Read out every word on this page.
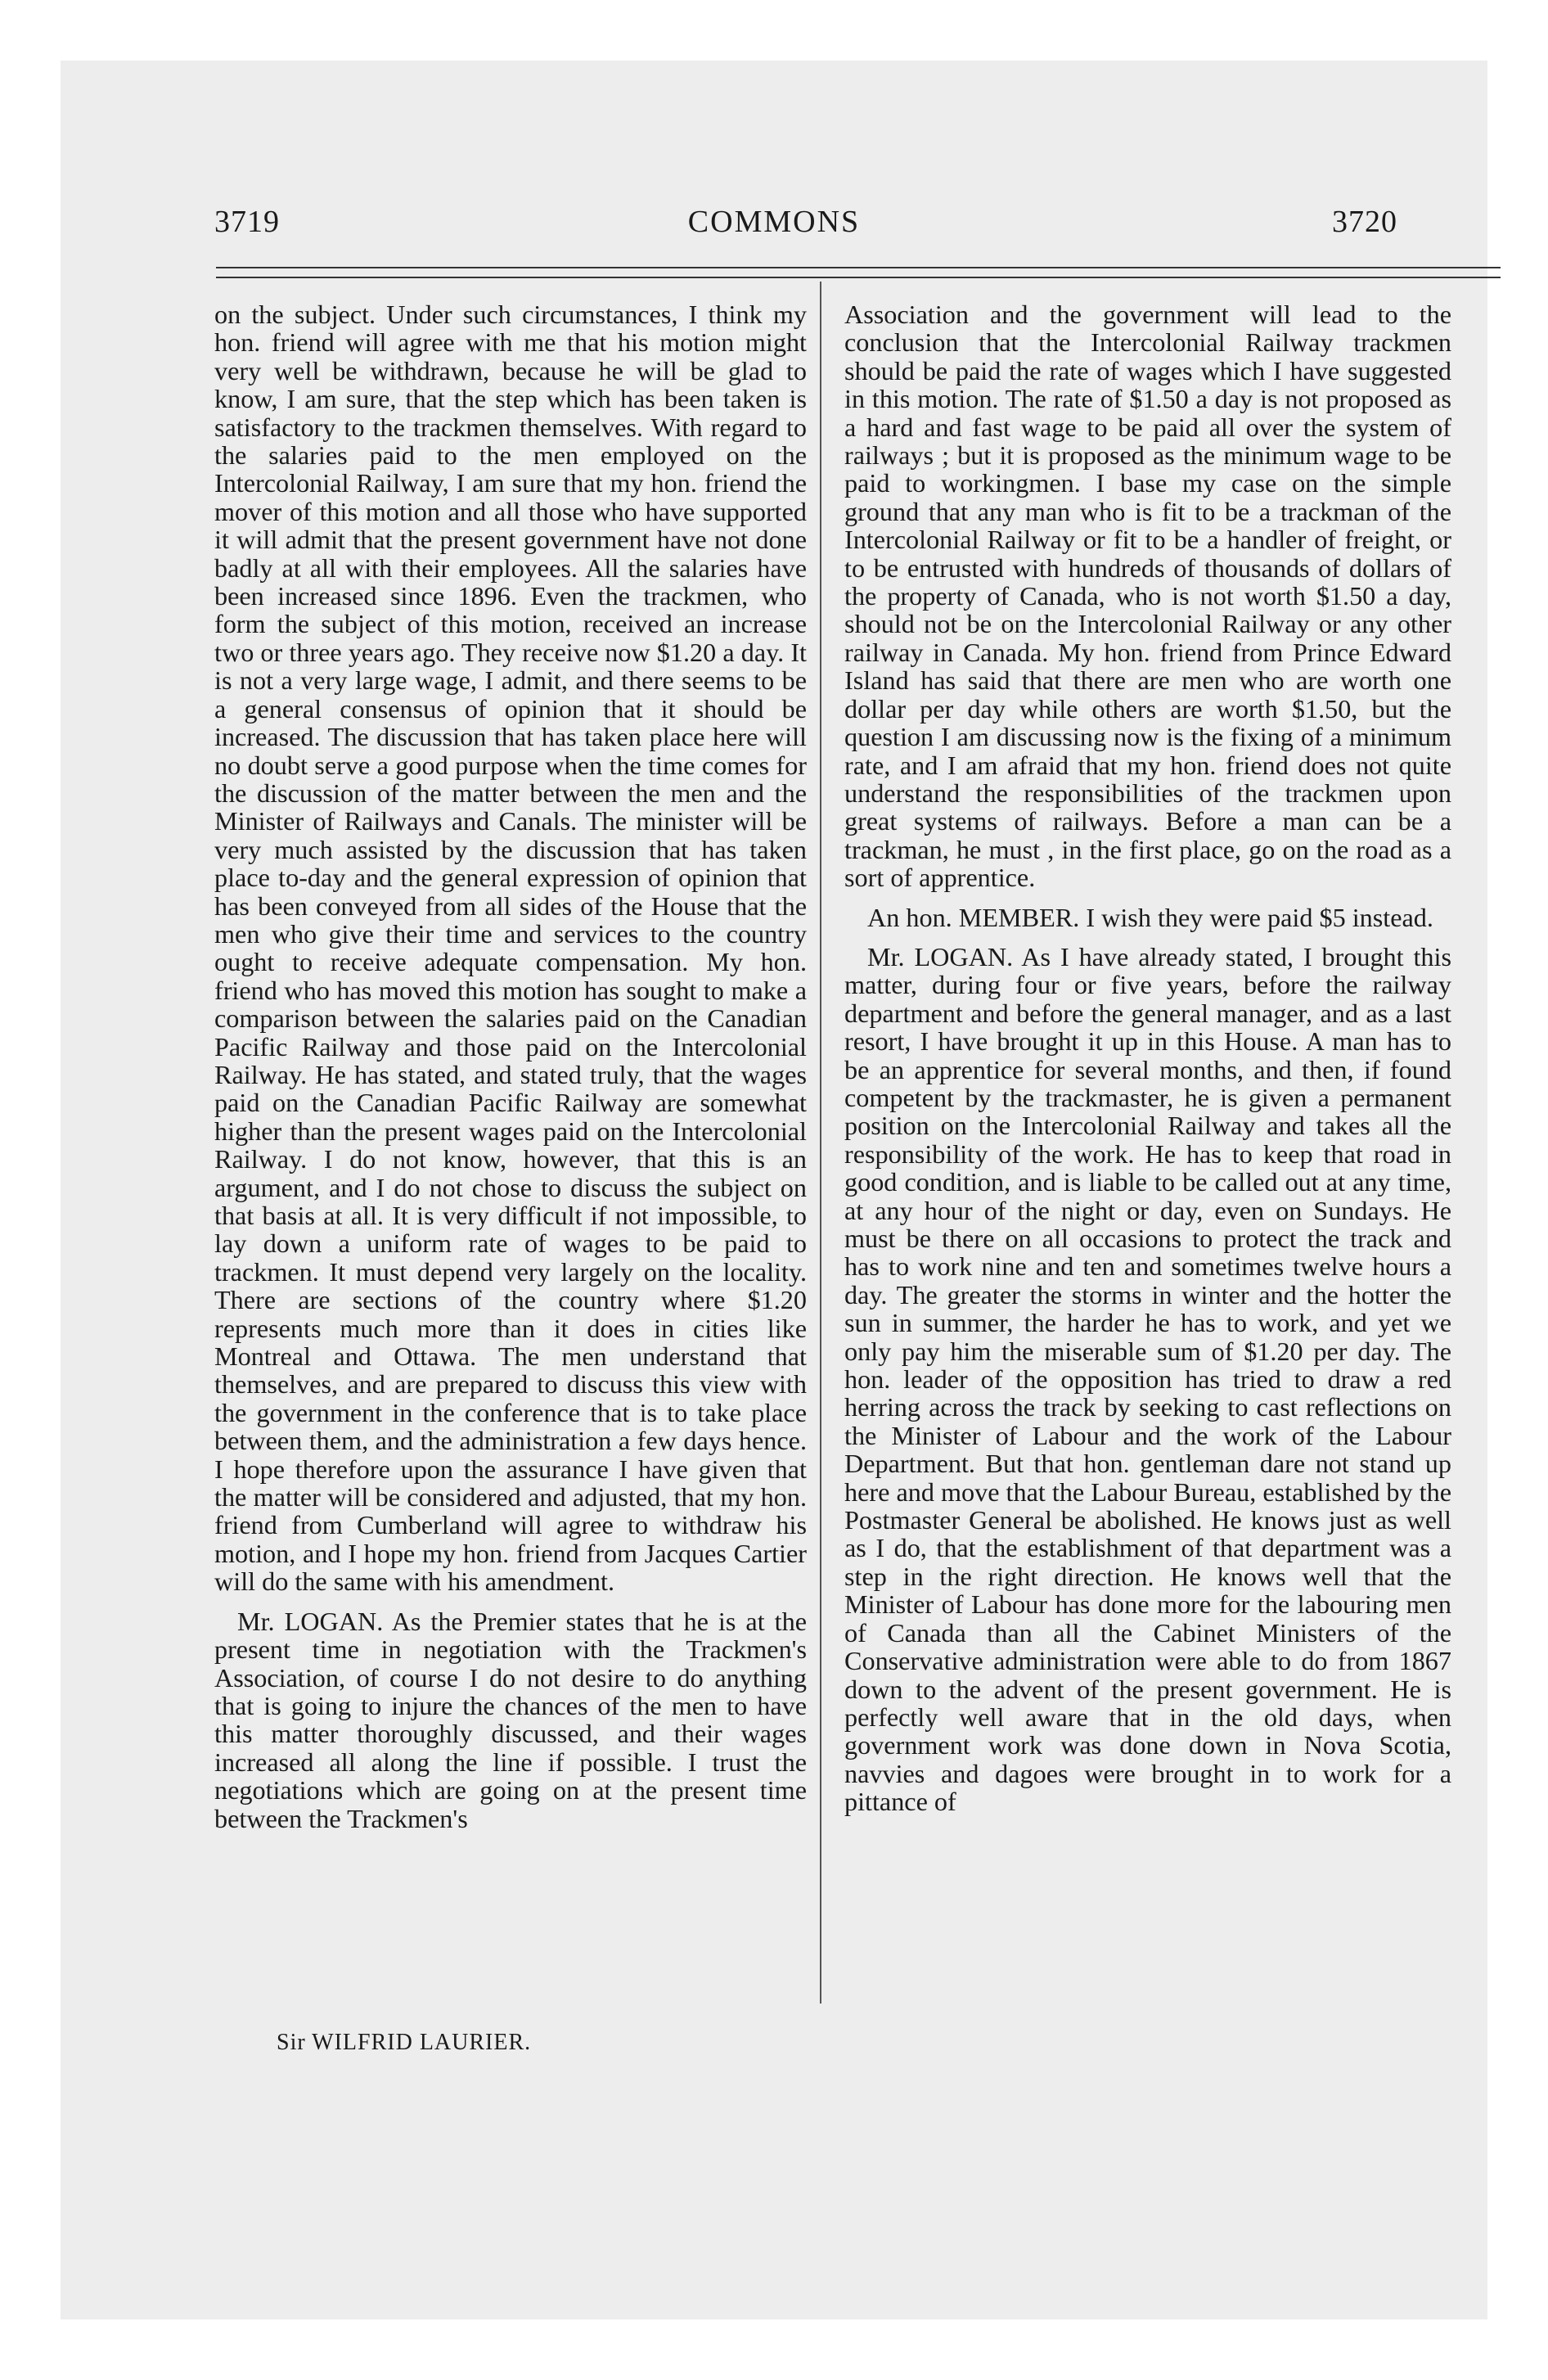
3719	COMMONS	3720

on the subject. Under such circumstances, I think my hon. friend will agree with me that his motion might very well be withdrawn, because he will be glad to know, I am sure, that the step which has been taken is satisfactory to the trackmen themselves. With regard to the salaries paid to the men employed on the Intercolonial Railway, I am sure that my hon. friend the mover of this motion and all those who have supported it will admit that the present government have not done badly at all with their employees. All the salaries have been increased since 1896. Even the trackmen, who form the subject of this motion, received an increase two or three years ago. They receive now $1.20 a day. It is not a very large wage, I admit, and there seems to be a general consensus of opinion that it should be increased. The discussion that has taken place here will no doubt serve a good purpose when the time comes for the discussion of the matter between the men and the Minister of Railways and Canals. The minister will be very much assisted by the discussion that has taken place to-day and the general expression of opinion that has been conveyed from all sides of the House that the men who give their time and services to the country ought to receive adequate compensation. My hon. friend who has moved this motion has sought to make a comparison between the salaries paid on the Canadian Pacific Railway and those paid on the Intercolonial Railway. He has stated, and stated truly, that the wages paid on the Canadian Pacific Railway are somewhat higher than the present wages paid on the Intercolonial Railway. I do not know, however, that this is an argument, and I do not chose to discuss the subject on that basis at all. It is very difficult if not impossible, to lay down a uniform rate of wages to be paid to trackmen. It must depend very largely on the locality. There are sections of the country where $1.20 represents much more than it does in cities like Montreal and Ottawa. The men understand that themselves, and are prepared to discuss this view with the government in the conference that is to take place between them, and the administration a few days hence. I hope therefore upon the assurance I have given that the matter will be considered and adjusted, that my hon. friend from Cumberland will agree to withdraw his motion, and I hope my hon. friend from Jacques Cartier will do the same with his amendment.

Mr. LOGAN. As the Premier states that he is at the present time in negotiation with the Trackmen's Association, of course I do not desire to do anything that is going to injure the chances of the men to have this matter thoroughly discussed, and their wages increased all along the line if possible. I trust the negotiations which are going on at the present time between the Trackmen's

Association and the government will lead to the conclusion that the Intercolonial Railway trackmen should be paid the rate of wages which I have suggested in this motion. The rate of $1.50 a day is not proposed as a hard and fast wage to be paid all over the system of railways ; but it is proposed as the minimum wage to be paid to workingmen. I base my case on the simple ground that any man who is fit to be a trackman of the Intercolonial Railway or fit to be a handler of freight, or to be entrusted with hundreds of thousands of dollars of the property of Canada, who is not worth $1.50 a day, should not be on the Intercolonial Railway or any other railway in Canada. My hon. friend from Prince Edward Island has said that there are men who are worth one dollar per day while others are worth $1.50, but the question I am discussing now is the fixing of a minimum rate, and I am afraid that my hon. friend does not quite understand the responsibilities of the trackmen upon great systems of railways. Before a man can be a trackman, he must , in the first place, go on the road as a sort of apprentice.

An hon. MEMBER. I wish they were paid $5 instead.

Mr. LOGAN. As I have already stated, I brought this matter, during four or five years, before the railway department and before the general manager, and as a last resort, I have brought it up in this House. A man has to be an apprentice for several months, and then, if found competent by the trackmaster, he is given a permanent position on the Intercolonial Railway and takes all the responsibility of the work. He has to keep that road in good condition, and is liable to be called out at any time, at any hour of the night or day, even on Sundays. He must be there on all occasions to protect the track and has to work nine and ten and sometimes twelve hours a day. The greater the storms in winter and the hotter the sun in summer, the harder he has to work, and yet we only pay him the miserable sum of $1.20 per day. The hon. leader of the opposition has tried to draw a red herring across the track by seeking to cast reflections on the Minister of Labour and the work of the Labour Department. But that hon. gentleman dare not stand up here and move that the Labour Bureau, established by the Postmaster General be abolished. He knows just as well as I do, that the establishment of that department was a step in the right direction. He knows well that the Minister of Labour has done more for the labouring men of Canada than all the Cabinet Ministers of the Conservative administration were able to do from 1867 down to the advent of the present government. He is perfectly well aware that in the old days, when government work was done down in Nova Scotia, navvies and dagoes were brought in to work for a pittance of

Sir WILFRID LAURIER.
